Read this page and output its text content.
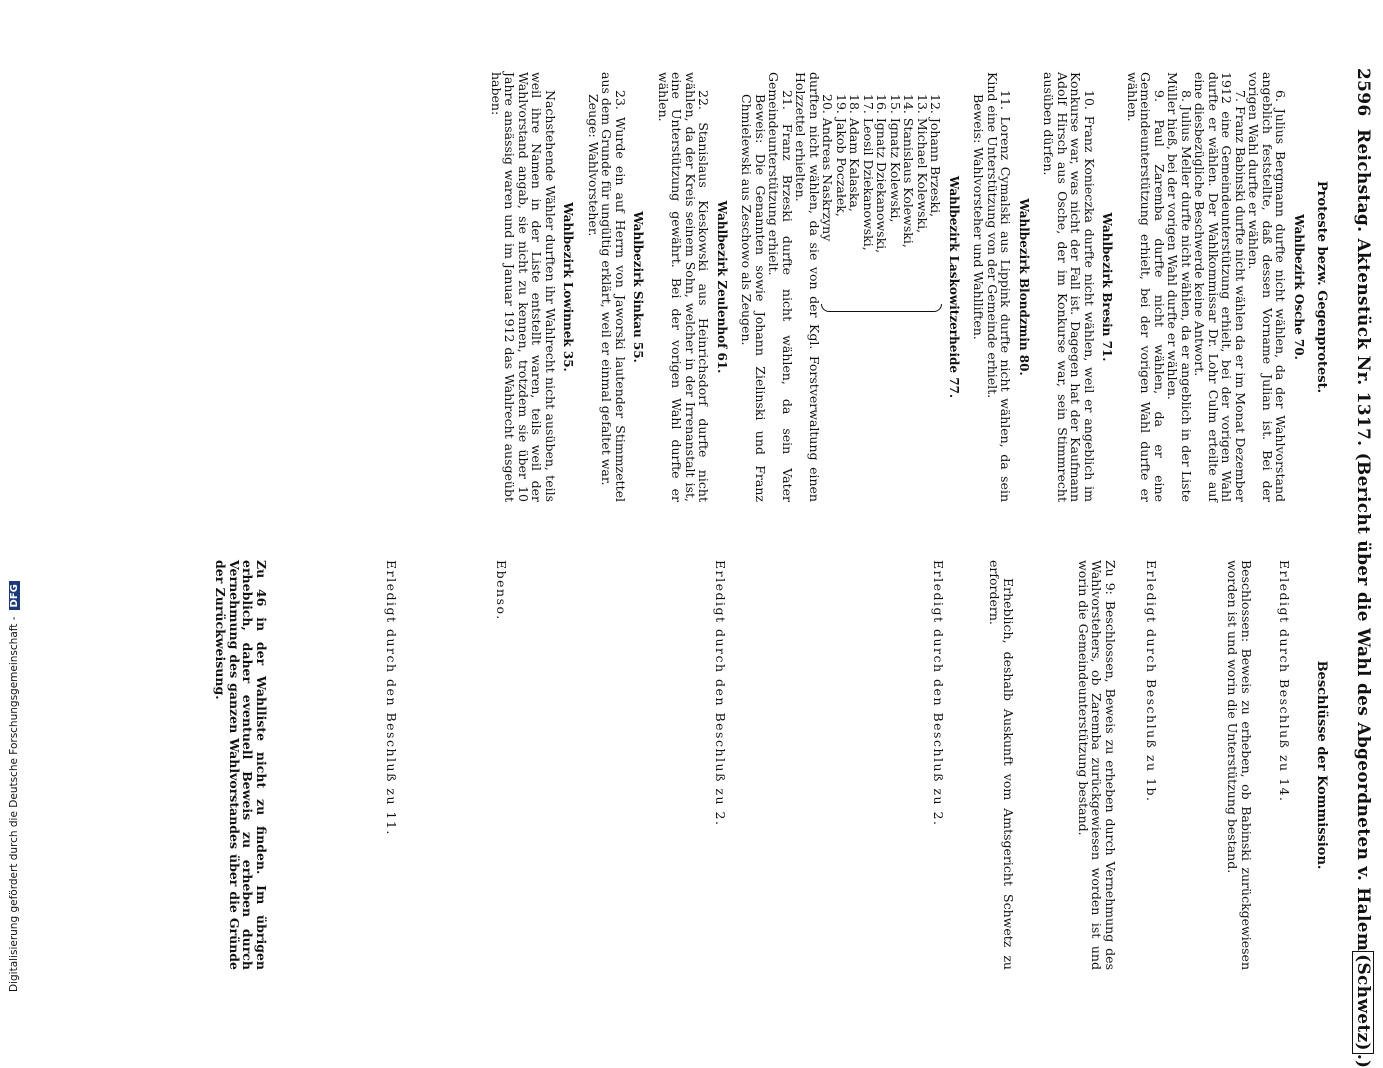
2596  Reichstag. Aktenstück Nr. 1317. (Bericht über die Wahl des Abgeordneten v. Halem(Schwetz).)
Proteste bezw. Gegenprotest.
Beschlüsse der Kommission.
Wahlbezirk Osche 70.

6. Julius Bergmann durfte nicht wählen, da der Wahlvorstand angeblich feststellte, daß dessen Vorname Julian ist. Bei der vorigen Wahl durfte er wählen.

7. Franz Babinski durfte nicht wählen da er im Monat Dezember 1912 eine Gemeindeunterstützung erhielt, bei der vorigen Wahl durfte er wählen. Der Wahlkommissar Dr. Lohr Culm erteilte auf eine diesbezügliche Beschwerde keine Antwort.

8. Julius Meller durfte nicht wählen, da er angeblich in der Liste Müller hieß, bei der vorigen Wahl durfte er wählen.

9. Paul Zaremba durfte nicht wählen, da er eine Gemeindeunterstützung erhielt, bei der vorigen Wahl durfte er wählen.

Wahlbezirk Bresin 71.

10. Franz Konieczka durfte nicht wählen, weil er angeblich im Konkurse war, was nicht der Fall ist. Dagegen hat der Kaufmann Adolf Hirsch aus Osche, der im Konkurse war, sein Stimmrecht ausüben dürfen.

Wahlbezirk Blondzmin 80.

11. Lorenz Cymalski aus Lippink durfte nicht wählen, da sein Kind eine Unterstützung von der Gemeinde erhielt.

Beweis: Wahlvorsteher und Wahlliften.

Wahlbezirk Laskowitzerheide 77.

12. Johann Brzeski,

13. Michael Kolewski,

14. Stanislaus Kolewski,

15. Ignatz Kolewski,

16. Ignatz Dziekanowski,

17. Leosil Dziekanowski,

18. Adam Kalaska,

19. Jakob Poczałek,

20. Andreas Naskrzyny

durften nicht wählen, da sie von der Kgl. Forstverwaltung einen Holzzettel erhielten.

21. Franz Brzeski durfte nicht wählen, da sein Vater Gemeindeunterstützung erhielt.

Beweis: Die Genannten sowie Johann Zielinski und Franz Chmielewski aus Zeschowo als Zeugen.

Wahlbezirk Zeulenhof 61.

22. Stanislaus Kieskowski aus Heinrichsdorf durfte nicht wählen, da der Kreis seinem Sohn, welcher in der Irrenanstalt ist, eine Unterstützung gewährt. Bei der vorigen Wahl durfte er wählen.

Wahlbezirk Sinkau 55.

23. Wurde ein auf Herrn von Jaworski lautender Stimmzettel aus dem Grunde für ungültig erklärt, weil er einmal gefaltet war.

Zeuge: Wahlvorsteher.

Wahlbezirk Lowinnek 35.

Nachstehende Wähler durften ihr Wahlrecht nicht ausüben, teils weil ihre Namen in der Liste entstellt waren, teils weil der Wahlvorstand angab, sie nicht zu kennen, trotzdem sie über 10 Jahre ansässig waren und im Januar 1912 das Wahlrecht ausgeübt haben:

Erledigt durch Beschluß zu 14.

Beschlossen: Beweis zu erheben, ob Babinski zurückgewiesen worden ist und worin die Unterstützung bestand.

Erledigt durch Beschluß zu 1b.

Zu 9: Beschlossen, Beweis zu erheben durch Vernehmung des Wahlvorstehers, ob Zaremba zurückgewiesen worden ist und worin die Gemeindeunterstützung bestand.

Erheblich, deshalb Auskunft vom Amtsgericht Schwetz zu erfordern.

Erledigt durch den Beschluß zu 2.

Erledigt durch den Beschluß zu 2.

Ebenso.

Erledigt durch den Beschluß zu 11.

Zu 46 in der Wahlliste nicht zu finden. Im übrigen erheblich, daher eventuell Beweis zu erheben durch Vernehmung des ganzen Wahlvorstandes über die Gründe der Zurückweisung.

Digitalisierung gefördert durch die Deutsche Forschungsgemeinschaft -DFG
